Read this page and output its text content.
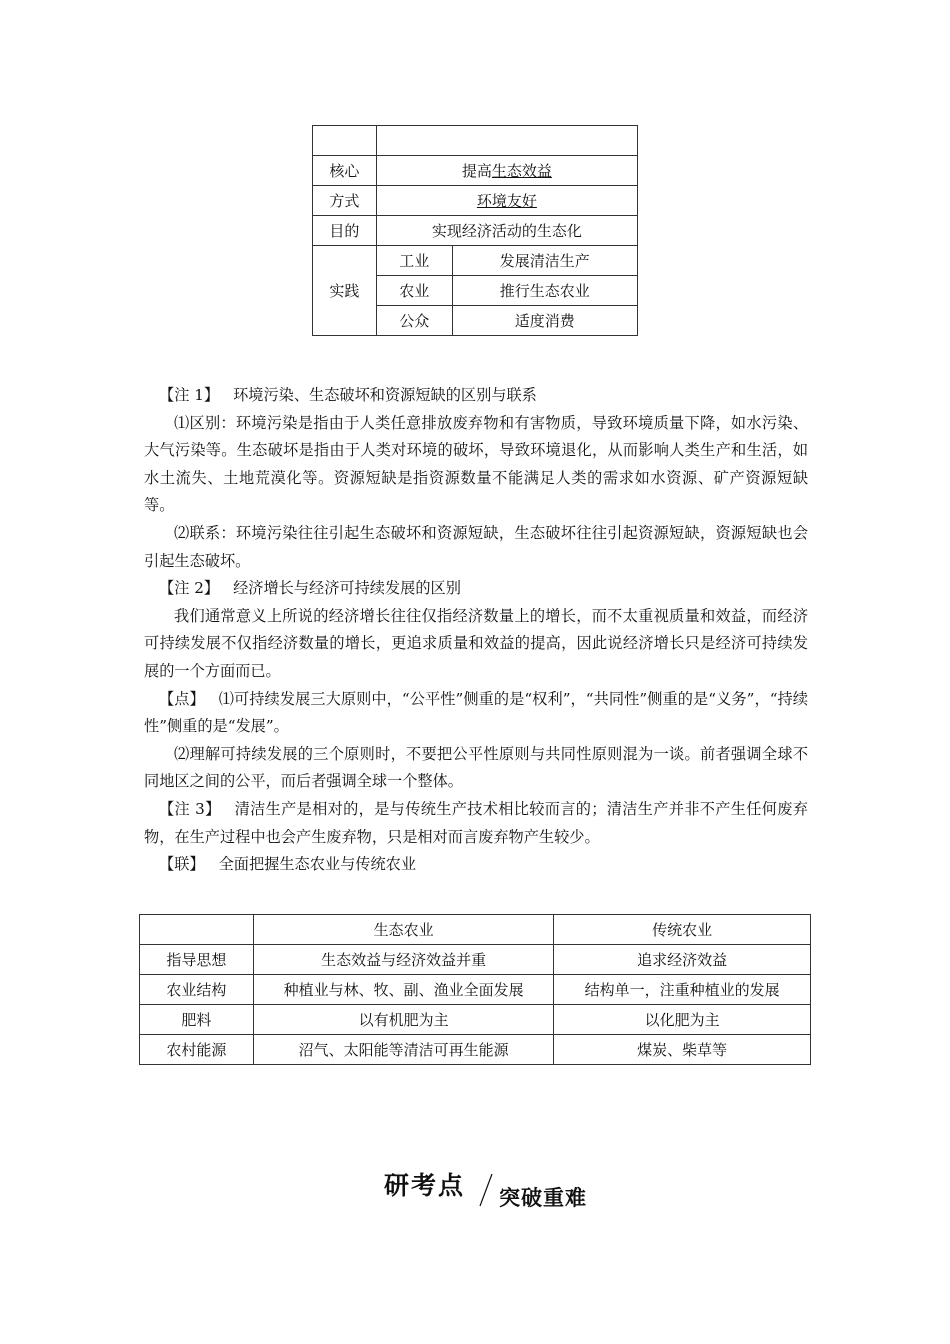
核心	提高生态效益	
方式	环境友好	
目的	实现经济活动的生态化	
实践	工业	发展清洁生产
	农业	推行生态农业
	公众	适度消费

【注 1】 环境污染、生态破坏和资源短缺的区别与联系

⑴区别：环境污染是指由于人类任意排放废弃物和有害物质，导致环境质量下降，如水污染、大气污染等。生态破坏是指由于人类对环境的破坏，导致环境退化，从而影响人类生产和生活，如水土流失、土地荒漠化等。资源短缺是指资源数量不能满足人类的需求如水资源、矿产资源短缺等。

⑵联系：环境污染往往引起生态破坏和资源短缺，生态破坏往往引起资源短缺，资源短缺也会引起生态破坏。

【注 2】 经济增长与经济可持续发展的区别

我们通常意义上所说的经济增长往往仅指经济数量上的增长，而不太重视质量和效益，而经济可持续发展不仅指经济数量的增长，更追求质量和效益的提高，因此说经济增长只是经济可持续发展的一个方面而已。

【点】 ⑴可持续发展三大原则中，“公平性”侧重的是“权利”，“共同性”侧重的是“义务”，“持续性”侧重的是“发展”。

⑵理解可持续发展的三个原则时，不要把公平性原则与共同性原则混为一谈。前者强调全球不同地区之间的公平，而后者强调全球一个整体。

【注 3】 清洁生产是相对的，是与传统生产技术相比较而言的；清洁生产并非不产生任何废弃物，在生产过程中也会产生废弃物，只是相对而言废弃物产生较少。

【联】 全面把握生态农业与传统农业

	生态农业	传统农业
指导思想	生态效益与经济效益并重	追求经济效益
农业结构	种植业与林、牧、副、渔业全面发展	结构单一，注重种植业的发展
肥料	以有机肥为主	以化肥为主
农村能源	沼气、太阳能等清洁可再生能源	煤炭、柴草等
研考点 突破重难
